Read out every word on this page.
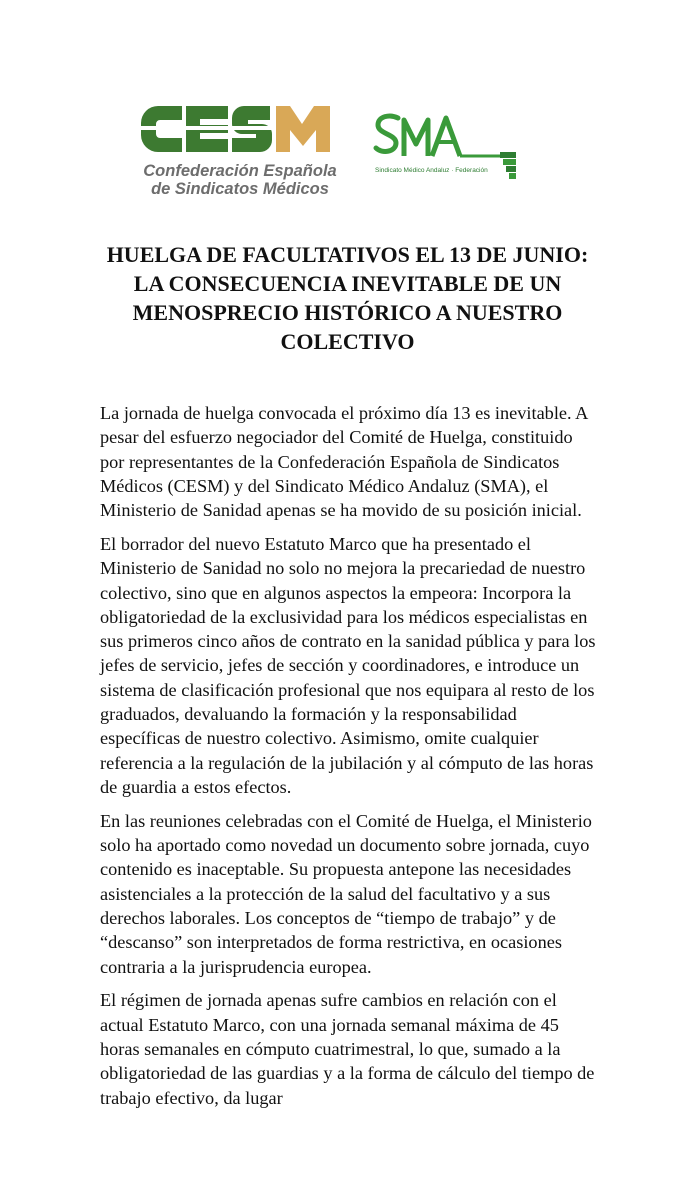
Confederación Española
de Sindicatos Médicos
Sindicato Médico Andaluz · Federación
HUELGA DE FACULTATIVOS EL 13 DE JUNIO: LA CONSECUENCIA INEVITABLE DE UN MENOSPRECIO HISTÓRICO A NUESTRO COLECTIVO

La jornada de huelga convocada el próximo día 13 es inevitable. A pesar del esfuerzo negociador del Comité de Huelga, constituido por representantes de la Confederación Española de Sindicatos Médicos (CESM) y del Sindicato Médico Andaluz (SMA), el Ministerio de Sanidad apenas se ha movido de su posición inicial.

El borrador del nuevo Estatuto Marco que ha presentado el Ministerio de Sanidad no solo no mejora la precariedad de nuestro colectivo, sino que en algunos aspectos la empeora: Incorpora la obligatoriedad de la exclusividad para los médicos especialistas en sus primeros cinco años de contrato en la sanidad pública y para los jefes de servicio, jefes de sección y coordinadores, e introduce un sistema de clasificación profesional que nos equipara al resto de los graduados, devaluando la formación y la responsabilidad específicas de nuestro colectivo. Asimismo, omite cualquier referencia a la regulación de la jubilación y al cómputo de las horas de guardia a estos efectos.

En las reuniones celebradas con el Comité de Huelga, el Ministerio solo ha aportado como novedad un documento sobre jornada, cuyo contenido es inaceptable. Su propuesta antepone las necesidades asistenciales a la protección de la salud del facultativo y a sus derechos laborales. Los conceptos de “tiempo de trabajo” y de “descanso” son interpretados de forma restrictiva, en ocasiones contraria a la jurisprudencia europea.

El régimen de jornada apenas sufre cambios en relación con el actual Estatuto Marco, con una jornada semanal máxima de 45 horas semanales en cómputo cuatrimestral, lo que, sumado a la obligatoriedad de las guardias y a la forma de cálculo del tiempo de trabajo efectivo, da lugar
